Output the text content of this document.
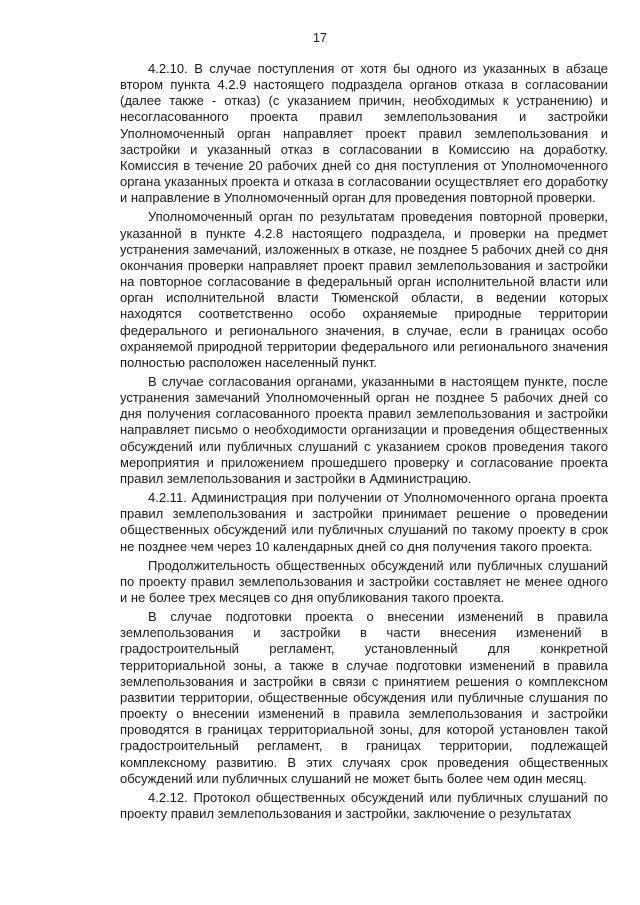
17

4.2.10. В случае поступления от хотя бы одного из указанных в абзаце втором пункта 4.2.9 настоящего подраздела органов отказа в согласовании (далее также - отказ) (с указанием причин, необходимых к устранению) и несогласованного проекта правил землепользования и застройки Уполномоченный орган направляет проект правил землепользования и застройки и указанный отказ в согласовании в Комиссию на доработку. Комиссия в течение 20 рабочих дней со дня поступления от Уполномоченного органа указанных проекта и отказа в согласовании осуществляет его доработку и направление в Уполномоченный орган для проведения повторной проверки.

Уполномоченный орган по результатам проведения повторной проверки, указанной в пункте 4.2.8 настоящего подраздела, и проверки на предмет устранения замечаний, изложенных в отказе, не позднее 5 рабочих дней со дня окончания проверки направляет проект правил землепользования и застройки на повторное согласование в федеральный орган исполнительной власти или орган исполнительной власти Тюменской области, в ведении которых находятся соответственно особо охраняемые природные территории федерального и регионального значения, в случае, если в границах особо охраняемой природной территории федерального или регионального значения полностью расположен населенный пункт.

В случае согласования органами, указанными в настоящем пункте, после устранения замечаний Уполномоченный орган не позднее 5 рабочих дней со дня получения согласованного проекта правил землепользования и застройки направляет письмо о необходимости организации и проведения общественных обсуждений или публичных слушаний с указанием сроков проведения такого мероприятия и приложением прошедшего проверку и согласование проекта правил землепользования и застройки в Администрацию.

4.2.11. Администрация при получении от Уполномоченного органа проекта правил землепользования и застройки принимает решение о проведении общественных обсуждений или публичных слушаний по такому проекту в срок не позднее чем через 10 календарных дней со дня получения такого проекта.

Продолжительность общественных обсуждений или публичных слушаний по проекту правил землепользования и застройки составляет не менее одного и не более трех месяцев со дня опубликования такого проекта.

В случае подготовки проекта о внесении изменений в правила землепользования и застройки в части внесения изменений в градостроительный регламент, установленный для конкретной территориальной зоны, а также в случае подготовки изменений в правила землепользования и застройки в связи с принятием решения о комплексном развитии территории, общественные обсуждения или публичные слушания по проекту о внесении изменений в правила землепользования и застройки проводятся в границах территориальной зоны, для которой установлен такой градостроительный регламент, в границах территории, подлежащей комплексному развитию. В этих случаях срок проведения общественных обсуждений или публичных слушаний не может быть более чем один месяц.

4.2.12. Протокол общественных обсуждений или публичных слушаний по проекту правил землепользования и застройки, заключение о результатах
